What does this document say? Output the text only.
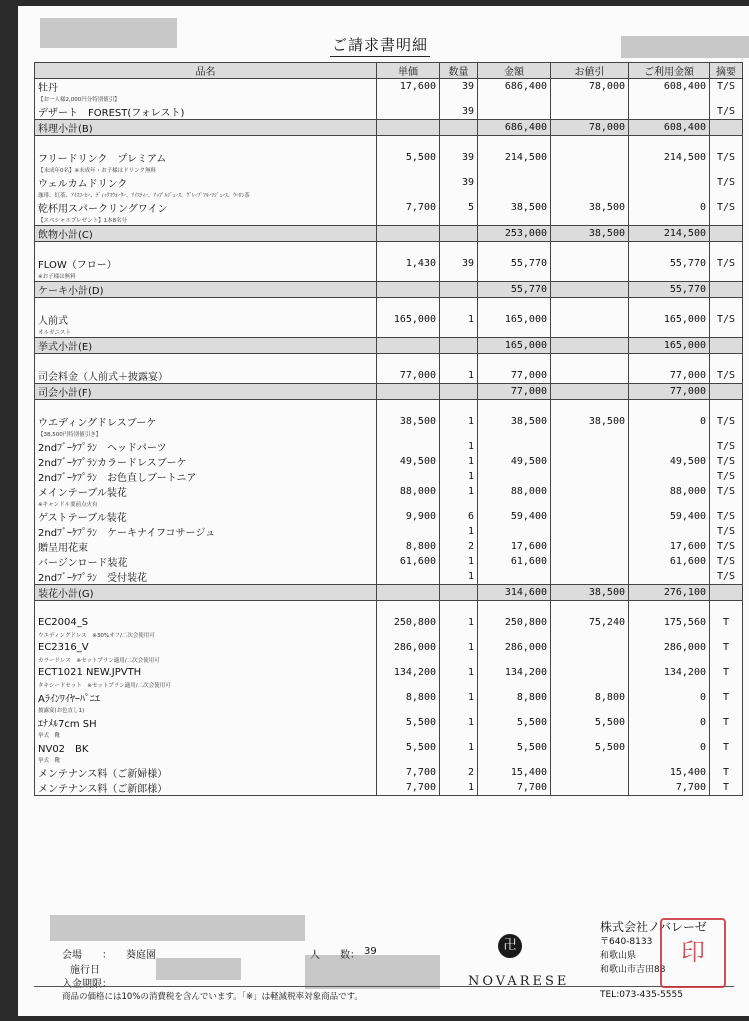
ご請求書明細
品名	単価	数量	金額	お値引	ご利用金額	摘要
牡丹	17,600	39	686,400	78,000	608,400	T/S
【お一人様2,000円分特別値引】						
デザート　FOREST(フォレスト)		39				T/S
料理小計(B)			686,400	78,000	608,400	

フリードリンク　プレミアム	5,500	39	214,500		214,500	T/S
【未成年0名】※未成年・お子様はドリンク無料						
ウェルカムドリンク		39				T/S
珈琲、紅茶、ｱｲｽｺｰﾋｰ、ﾃﾞｨｯｸｽｳｫｰﾀｰ、ｱｲｽﾃｨｰ、ｱｯﾌﾟﾙｼﾞｭｰｽ、ｸﾞﾚｰﾌﾟﾌﾙｰﾂｼﾞｭｰｽ、ｳｰﾛﾝ茶						
乾杯用スパークリングワイン	7,700	5	38,500	38,500	0	T/S
【スペシャルプレゼント】1本8名分						
飲物小計(C)			253,000	38,500	214,500	

FLOW（フロー）	1,430	39	55,770		55,770	T/S
※お子様は無料						
ケーキ小計(D)			55,770		55,770	

人前式	165,000	1	165,000		165,000	T/S
オルガニスト						
挙式小計(E)			165,000		165,000	

司会料金（人前式＋披露宴）	77,000	1	77,000		77,000	T/S
司会小計(F)			77,000		77,000	

ウエディングドレスブーケ	38,500	1	38,500	38,500	0	T/S
【38,500円特別値引き】						
2ndﾌﾞｰｹﾌﾟﾗﾝ　ヘッドパーツ		1				T/S
2ndﾌﾞｰｹﾌﾟﾗﾝカラードレスブーケ	49,500	1	49,500		49,500	T/S
2ndﾌﾞｰｹﾌﾟﾗﾝ　お色直しブートニア		1				T/S
メインテーブル装花	88,000	1	88,000		88,000	T/S
※キャンドル要前点火有						
ゲストテーブル装花	9,900	6	59,400		59,400	T/S
2ndﾌﾞｰｹﾌﾟﾗﾝ　ケーキナイフコサージュ		1				T/S
贈呈用花束	8,800	2	17,600		17,600	T/S
バージンロード装花	61,600	1	61,600		61,600	T/S
2ndﾌﾞｰｹﾌﾟﾗﾝ　受付装花		1				T/S
装花小計(G)			314,600	38,500	276,100	

EC2004_S	250,800	1	250,800	75,240	175,560	T
ウエディングドレス　※30%オフ/二次会使用可						
EC2316_V	286,000	1	286,000		286,000	T
カラードレス　※セットプラン適用/二次会使用可						
ECT1021 NEW.JPVTH	134,200	1	134,200		134,200	T
タキシードセット　※セットプラン適用/二次会使用可						
Aﾗｲﾝﾜｲﾔｰﾊﾟﾆｴ	8,800	1	8,800	8,800	0	T
披露宴(お色直し1)						
ｴﾅﾒﾙ7cm SH	5,500	1	5,500	5,500	0	T
挙式　靴						
NV02　BK	5,500	1	5,500	5,500	0	T
挙式　靴						
メンテナンス料（ご新婦様）	7,700	2	15,400		15,400	T
メンテナンス料（ご新郎様）	7,700	1	7,700		7,700	T
会場　　： 葵庭園	人　　数： 39
施行日
入金期限：
商品の価格には10%の消費税を含んでいます。「※」は軽減税率対象商品です。
卍
NOVARESE
株式会社ノバレーゼ
〒640-8133
和歌山県
和歌山市吉田88
TEL:073-435-5555
印
